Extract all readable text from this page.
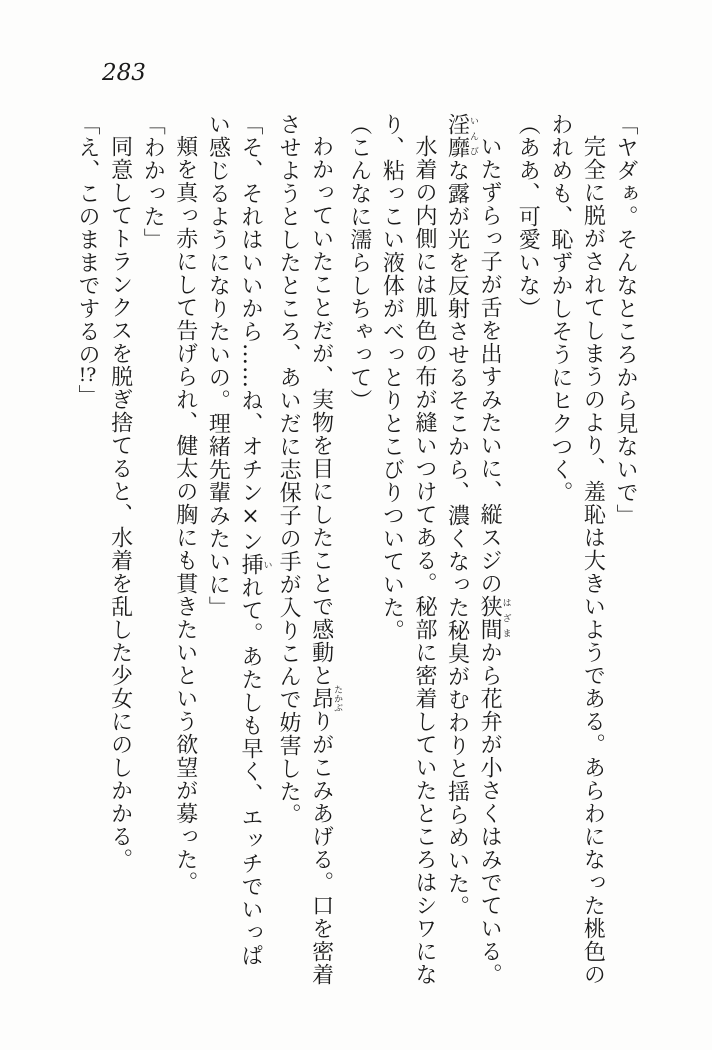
283

「ヤダぁ。そんなところから見ないで」

完全に脱がされてしまうのより、羞恥は大きいようである。あらわになった桃色のわれめも、恥ずかしそうにヒクつく。

（ああ、可愛いな）

いたずらっ子が舌を出すみたいに、縦スジの狭間はざまから花弁が小さくはみでている。淫靡いんびな露が光を反射させるそこから、濃くなった秘臭がむわりと揺らめいた。

水着の内側には肌色の布が縫いつけてある。秘部に密着していたところはシワになり、粘っこい液体がべっとりとこびりついていた。

（こんなに濡らしちゃって）

わかっていたことだが、実物を目にしたことで感動と昂たかぶりがこみあげる。口を密着させようとしたところ、あいだに志保子の手が入りこんで妨害した。

「そ、それはいいから……ね、オチン×ン挿いれて。あたしも早く、エッチでいっぱい感じるようになりたいの。理緒先輩みたいに」

頬を真っ赤にして告げられ、健太の胸にも貫きたいという欲望が募った。

「わかった」

同意してトランクスを脱ぎ捨てると、水着を乱した少女にのしかかる。

「え、このままでするの!?」
